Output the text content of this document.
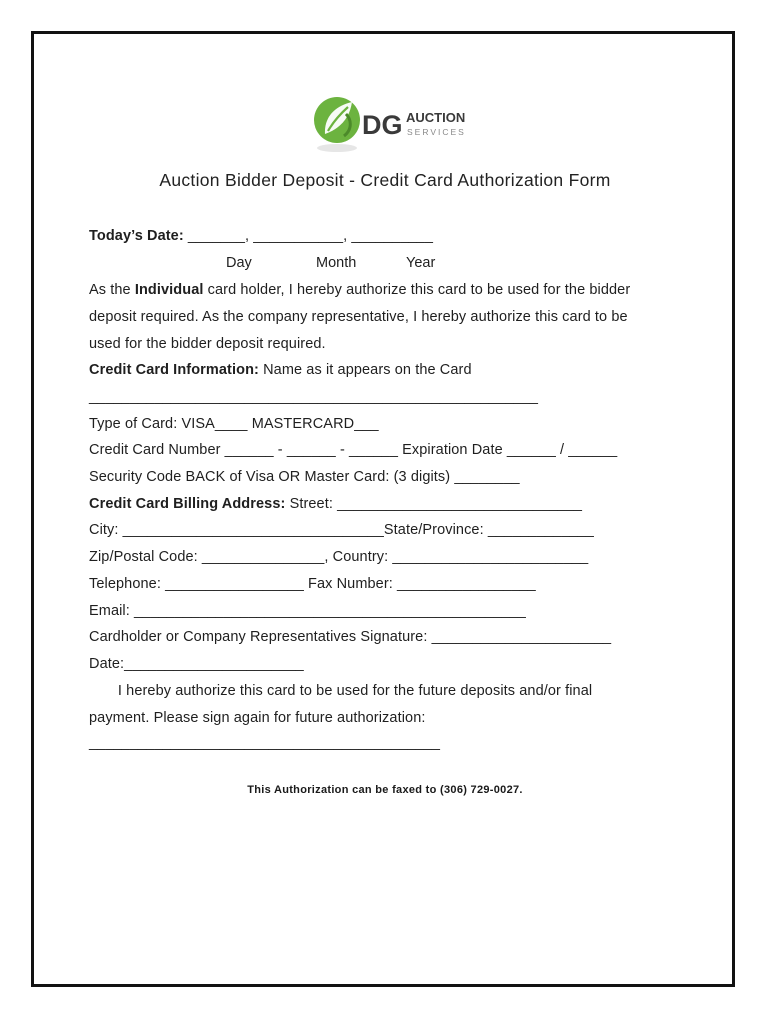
DG AUCTION
SERVICES
Auction Bidder Deposit - Credit Card Authorization Form
Today’s Date: _______, ___________, __________
Day	Month	Year
As the Individual card holder, I hereby authorize this card to be used for the bidder
deposit required. As the company representative, I hereby authorize this card to be
used for the bidder deposit required.
Credit Card Information: Name as it appears on the Card
_______________________________________________________
Type of Card: VISA____ MASTERCARD___
Credit Card Number ______ - ______ - ______ Expiration Date ______ / ______
Security Code BACK of Visa OR Master Card: (3 digits) ________
Credit Card Billing Address: Street: ______________________________
City: ________________________________State/Province: _____________
Zip/Postal Code: _______________, Country: ________________________
Telephone: _________________ Fax Number: _________________
Email: ________________________________________________
Cardholder or Company Representatives Signature: ______________________
Date:______________________
I hereby authorize this card to be used for the future deposits and/or final
payment. Please sign again for future authorization:
___________________________________________
This Authorization can be faxed to (306) 729-0027.
